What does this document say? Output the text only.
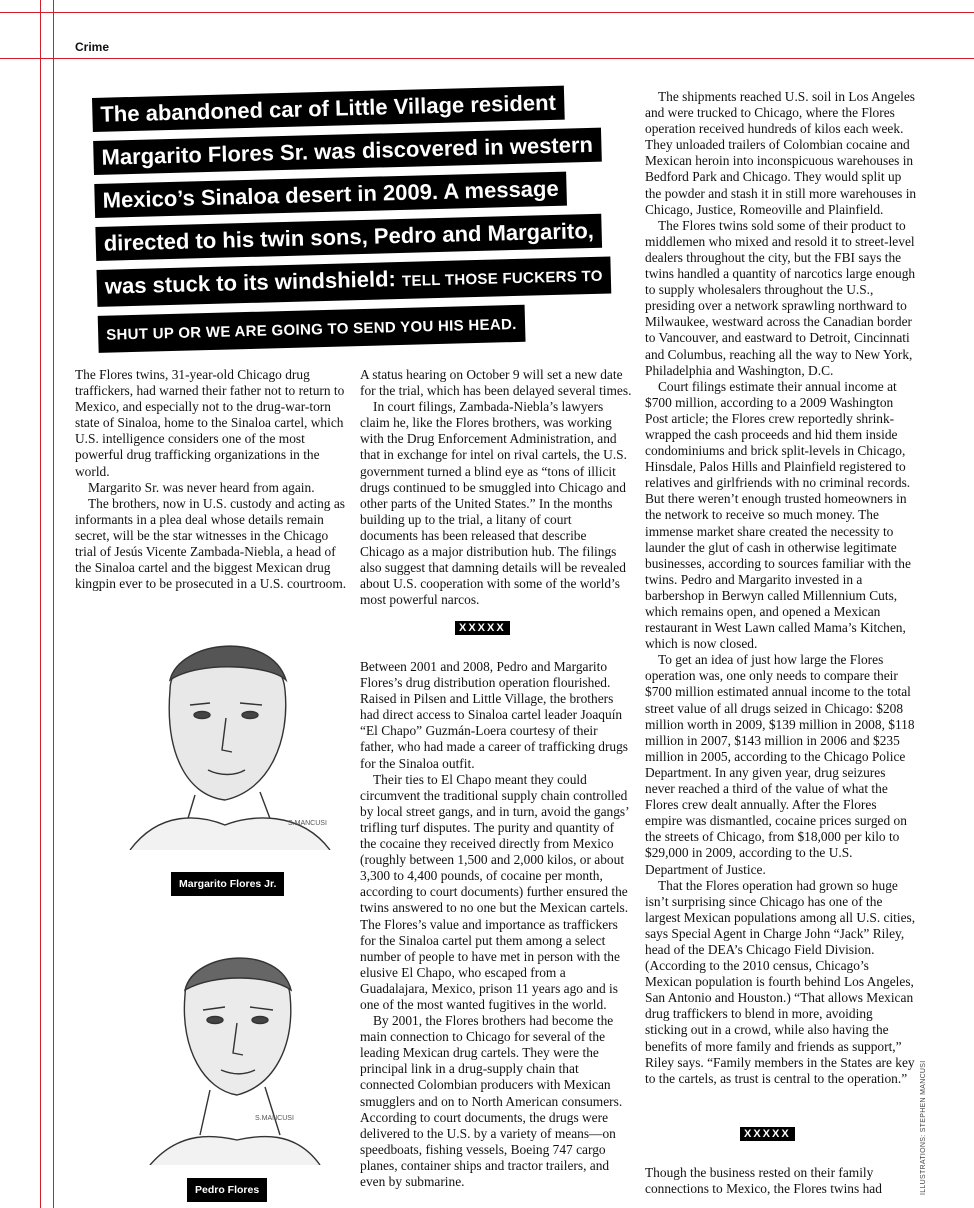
Crime
The abandoned car of Little Village resident
Margarito Flores Sr. was discovered in western
Mexico’s Sinaloa desert in 2009. A message
directed to his twin sons, Pedro and Margarito,
was stuck to its windshield: TELL THOSE FUCKERS TO
SHUT UP OR WE ARE GOING TO SEND YOU HIS HEAD.

The Flores twins, 31-year-old Chicago drug traffickers, had warned their father not to return to Mexico, and especially not to the drug-war-torn state of Sinaloa, home to the Sinaloa cartel, which U.S. intelligence considers one of the most powerful drug trafficking organizations in the world.

Margarito Sr. was never heard from again.

The brothers, now in U.S. custody and acting as informants in a plea deal whose details remain secret, will be the star witnesses in the Chicago trial of Jesús Vicente Zambada-Niebla, a head of the Sinaloa cartel and the biggest Mexican drug kingpin ever to be prosecuted in a U.S. courtroom.

A status hearing on October 9 will set a new date for the trial, which has been delayed several times.

In court filings, Zambada-Niebla’s lawyers claim he, like the Flores brothers, was working with the Drug Enforcement Administration, and that in exchange for intel on rival cartels, the U.S. government turned a blind eye as “tons of illicit drugs continued to be smuggled into Chicago and other parts of the United States.” In the months building up to the trial, a litany of court documents has been released that describe Chicago as a major distribution hub. The filings also suggest that damning details will be revealed about U.S. cooperation with some of the world’s most powerful narcos.

XXXXX

Between 2001 and 2008, Pedro and Margarito Flores’s drug distribution operation flourished. Raised in Pilsen and Little Village, the brothers had direct access to Sinaloa cartel leader Joaquín “El Chapo” Guzmán-Loera courtesy of their father, who had made a career of trafficking drugs for the Sinaloa outfit.

Their ties to El Chapo meant they could circumvent the traditional supply chain controlled by local street gangs, and in turn, avoid the gangs’ trifling turf disputes. The purity and quantity of the cocaine they received directly from Mexico (roughly between 1,500 and 2,000 kilos, or about 3,300 to 4,400 pounds, of cocaine per month, according to court documents) further ensured the twins answered to no one but the Mexican cartels. The Flores’s value and importance as traffickers for the Sinaloa cartel put them among a select number of people to have met in person with the elusive El Chapo, who escaped from a Guadalajara, Mexico, prison 11 years ago and is one of the most wanted fugitives in the world.

By 2001, the Flores brothers had become the main connection to Chicago for several of the leading Mexican drug cartels. They were the principal link in a drug-supply chain that connected Colombian producers with Mexican smugglers and on to North American consumers. According to court documents, the drugs were delivered to the U.S. by a variety of means—on speedboats, fishing vessels, Boeing 747 cargo planes, container ships and tractor trailers, and even by submarine.

The shipments reached U.S. soil in Los Angeles and were trucked to Chicago, where the Flores operation received hundreds of kilos each week. They unloaded trailers of Colombian cocaine and Mexican heroin into inconspicuous warehouses in Bedford Park and Chicago. They would split up the powder and stash it in still more warehouses in Chicago, Justice, Romeoville and Plainfield.

The Flores twins sold some of their product to middlemen who mixed and resold it to street-level dealers throughout the city, but the FBI says the twins handled a quantity of narcotics large enough to supply wholesalers throughout the U.S., presiding over a network sprawling northward to Milwaukee, westward across the Canadian border to Vancouver, and eastward to Detroit, Cincinnati and Columbus, reaching all the way to New York, Philadelphia and Washington, D.C.

Court filings estimate their annual income at $700 million, according to a 2009 Washington Post article; the Flores crew reportedly shrink-wrapped the cash proceeds and hid them inside condominiums and brick split-levels in Chicago, Hinsdale, Palos Hills and Plainfield registered to relatives and girlfriends with no criminal records. But there weren’t enough trusted homeowners in the network to receive so much money. The immense market share created the necessity to launder the glut of cash in otherwise legitimate businesses, according to sources familiar with the twins. Pedro and Margarito invested in a barbershop in Berwyn called Millennium Cuts, which remains open, and opened a Mexican restaurant in West Lawn called Mama’s Kitchen, which is now closed.

To get an idea of just how large the Flores operation was, one only needs to compare their $700 million estimated annual income to the total street value of all drugs seized in Chicago: $208 million worth in 2009, $139 million in 2008, $118 million in 2007, $143 million in 2006 and $235 million in 2005, according to the Chicago Police Department. In any given year, drug seizures never reached a third of the value of what the Flores crew dealt annually. After the Flores empire was dismantled, cocaine prices surged on the streets of Chicago, from $18,000 per kilo to $29,000 in 2009, according to the U.S. Department of Justice.

That the Flores operation had grown so huge isn’t surprising since Chicago has one of the largest Mexican populations among all U.S. cities, says Special Agent in Charge John “Jack” Riley, head of the DEA’s Chicago Field Division. (According to the 2010 census, Chicago’s Mexican population is fourth behind Los Angeles, San Antonio and Houston.) “That allows Mexican drug traffickers to blend in more, avoiding sticking out in a crowd, while also having the benefits of more family and friends as support,” Riley says. “Family members in the States are key to the cartels, as trust is central to the operation.”

XXXXX

Though the business rested on their family connections to Mexico, the Flores twins had

S.MANCUSI
Margarito Flores Jr.
S.MANCUSI
Pedro Flores	ILLUSTRATIONS: STEPHEN MANCUSI
